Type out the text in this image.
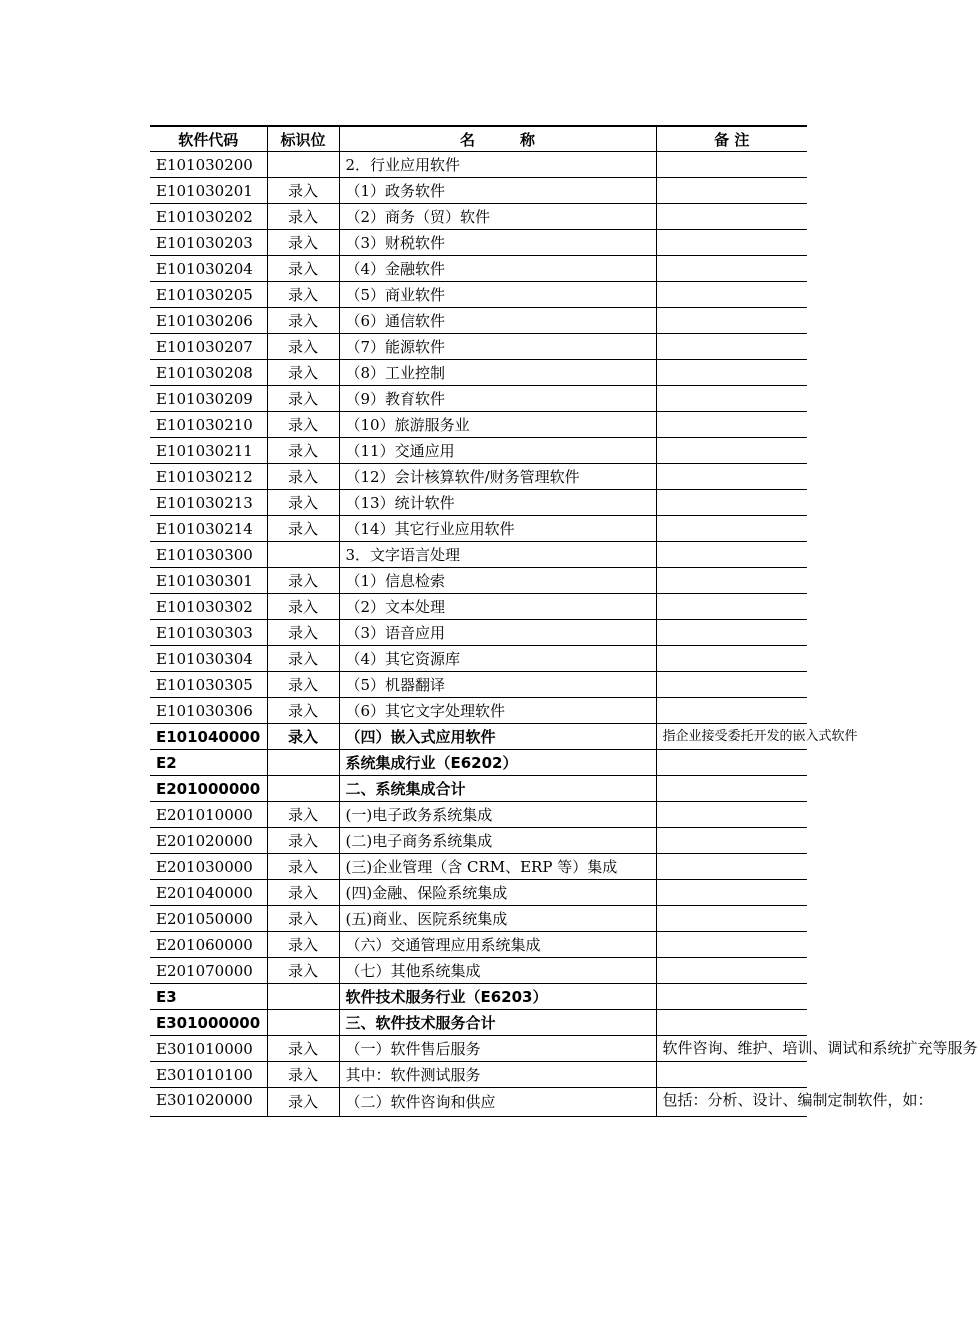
软件代码	标识位	名　　　称	备 注
E101030200		2．行业应用软件	
E101030201	录入	（1）政务软件	
E101030202	录入	（2）商务（贸）软件	
E101030203	录入	（3）财税软件	
E101030204	录入	（4）金融软件	
E101030205	录入	（5）商业软件	
E101030206	录入	（6）通信软件	
E101030207	录入	（7）能源软件	
E101030208	录入	（8）工业控制	
E101030209	录入	（9）教育软件	
E101030210	录入	（10）旅游服务业	
E101030211	录入	（11）交通应用	
E101030212	录入	（12）会计核算软件/财务管理软件	
E101030213	录入	（13）统计软件	
E101030214	录入	（14）其它行业应用软件	
E101030300		3．文字语言处理	
E101030301	录入	（1）信息检索	
E101030302	录入	（2）文本处理	
E101030303	录入	（3）语音应用	
E101030304	录入	（4）其它资源库	
E101030305	录入	（5）机器翻译	
E101030306	录入	（6）其它文字处理软件	
E101040000	录入	（四）嵌入式应用软件	指企业接受委托开发的嵌入式软件
E2		系统集成行业（E6202）	
E201000000		二、系统集成合计	
E201010000	录入	(一)电子政务系统集成	
E201020000	录入	(二)电子商务系统集成	
E201030000	录入	(三)企业管理（含 CRM、ERP 等）集成	
E201040000	录入	(四)金融、保险系统集成	
E201050000	录入	(五)商业、医院系统集成	
E201060000	录入	（六）交通管理应用系统集成	
E201070000	录入	（七）其他系统集成	
E3		软件技术服务行业（E6203）	
E301000000		三、软件技术服务合计	
E301010000	录入	（一）软件售后服务	软件咨询、维护、培训、调试和系统扩充等服务
E301010100	录入	其中：软件测试服务	
E301020000	录入	（二）软件咨询和供应	包括：分析、设计、编制定制软件，如：
